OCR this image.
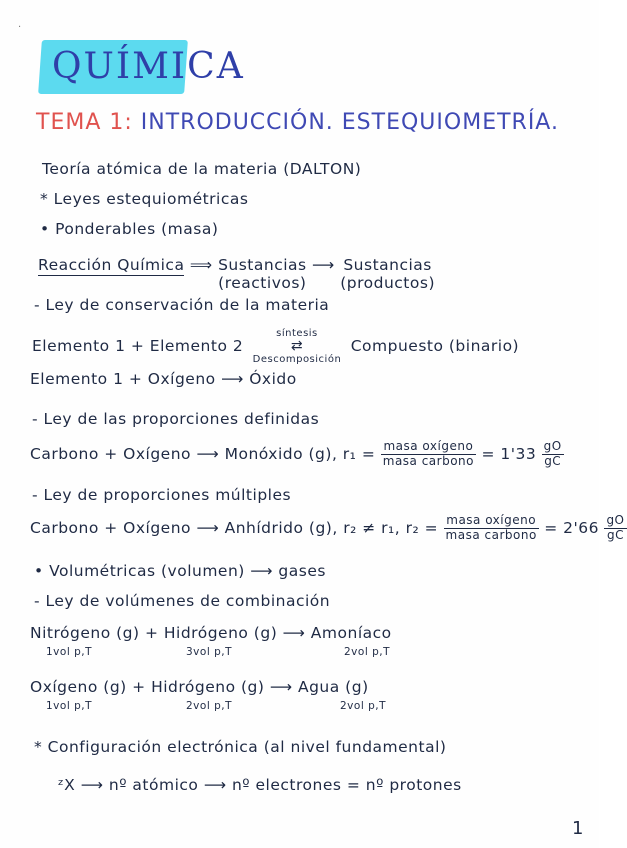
·
QUÍMICA
TEMA 1: INTRODUCCIÓN. ESTEQUIOMETRÍA.
Teoría atómica de la materia (DALTON)
* Leyes estequiométricas
• Ponderables (masa)
Reacción Química ⟹ Sustancias
(reactivos)
⟶ Sustancias
(productos)
- Ley de conservación de la materia
Elemento 1 + Elemento 2
síntesis
⇄
Descomposición
Compuesto (binario)
Elemento 1 + Oxígeno ⟶ Óxido
- Ley de las proporciones definidas
Carbono + Oxígeno ⟶ Monóxido (g), $r_1 = \frac{\text{masa oxígeno}}{\text{masa carbono}} = 1'33 \frac{gO}{gC}$
- Ley de proporciones múltiples
Carbono + Oxígeno ⟶ Anhídrido (g), r₂ ≠ r₁, $r_2 = \frac{\text{masa oxígeno}}{\text{masa carbono}} = 2'66 \frac{gO}{gC}$
• Volumétricas (volumen) ⟶ gases
- Ley de volúmenes de combinación
Nitrógeno (g) + Hidrógeno (g) ⟶ Amoníaco
1vol p,T	3vol p,T	2vol p,T
Oxígeno (g) + Hidrógeno (g) ⟶ Agua (g)
1vol p,T	2vol p,T	2vol p,T
* Configuración electrónica (al nivel fundamental)
ᶻX ⟶ nº atómico ⟶ nº electrones = nº protones
1
